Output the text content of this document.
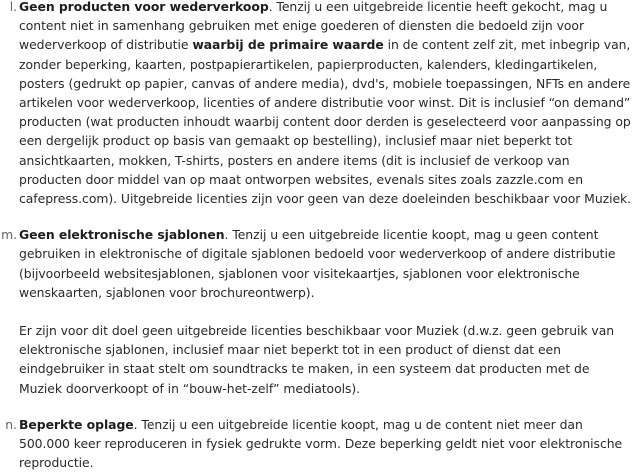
l. Geen producten voor wederverkoop. Tenzij u een uitgebreide licentie heeft gekocht, mag u content niet in samenhang gebruiken met enige goederen of diensten die bedoeld zijn voor wederverkoop of distributie waarbij de primaire waarde in de content zelf zit, met inbegrip van, zonder beperking, kaarten, postpapierartikelen, papierproducten, kalenders, kledingartikelen, posters (gedrukt op papier, canvas of andere media), dvd's, mobiele toepassingen, NFTs en andere artikelen voor wederverkoop, licenties of andere distributie voor winst. Dit is inclusief “on demand” producten (wat producten inhoudt waarbij content door derden is geselecteerd voor aanpassing op een dergelijk product op basis van gemaakt op bestelling), inclusief maar niet beperkt tot ansichtkaarten, mokken, T-shirts, posters en andere items (dit is inclusief de verkoop van producten door middel van op maat ontworpen websites, evenals sites zoals zazzle.com en cafepress.com). Uitgebreide licenties zijn voor geen van deze doeleinden beschikbaar voor Muziek.

m. Geen elektronische sjablonen. Tenzij u een uitgebreide licentie koopt, mag u geen content gebruiken in elektronische of digitale sjablonen bedoeld voor wederverkoop of andere distributie (bijvoorbeeld websitesjablonen, sjablonen voor visitekaartjes, sjablonen voor elektronische wenskaarten, sjablonen voor brochureontwerp).

Er zijn voor dit doel geen uitgebreide licenties beschikbaar voor Muziek (d.w.z. geen gebruik van elektronische sjablonen, inclusief maar niet beperkt tot in een product of dienst dat een eindgebruiker in staat stelt om soundtracks te maken, in een systeem dat producten met de Muziek doorverkoopt of in “bouw-het-zelf” mediatools).

n. Beperkte oplage. Tenzij u een uitgebreide licentie koopt, mag u de content niet meer dan 500.000 keer reproduceren in fysiek gedrukte vorm. Deze beperking geldt niet voor elektronische reproductie.
